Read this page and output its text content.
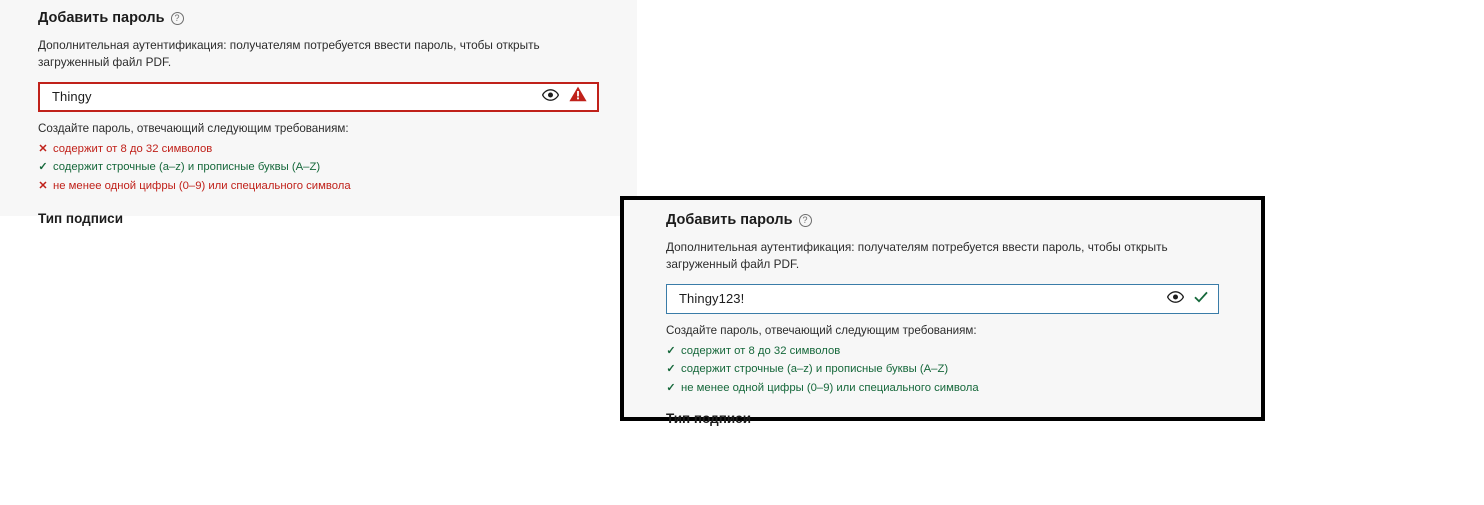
Добавить пароль	?

Дополнительная аутентификация: получателям потребуется ввести пароль, чтобы открыть загруженный файл PDF.

Thingy
Создайте пароль, отвечающий следующим требованиям:
✕ содержит от 8 до 32 символов
✓ содержит строчные (a–z) и прописные буквы (A–Z)
✕ не менее одной цифры (0–9) или специального символа
Тип подписи	Добавить пароль	?

Дополнительная аутентификация: получателям потребуется ввести пароль, чтобы открыть загруженный файл PDF.

Thingy123!
Создайте пароль, отвечающий следующим требованиям:
✓ содержит от 8 до 32 символов
✓ содержит строчные (a–z) и прописные буквы (A–Z)
✓ не менее одной цифры (0–9) или специального символа
Тип подписи
